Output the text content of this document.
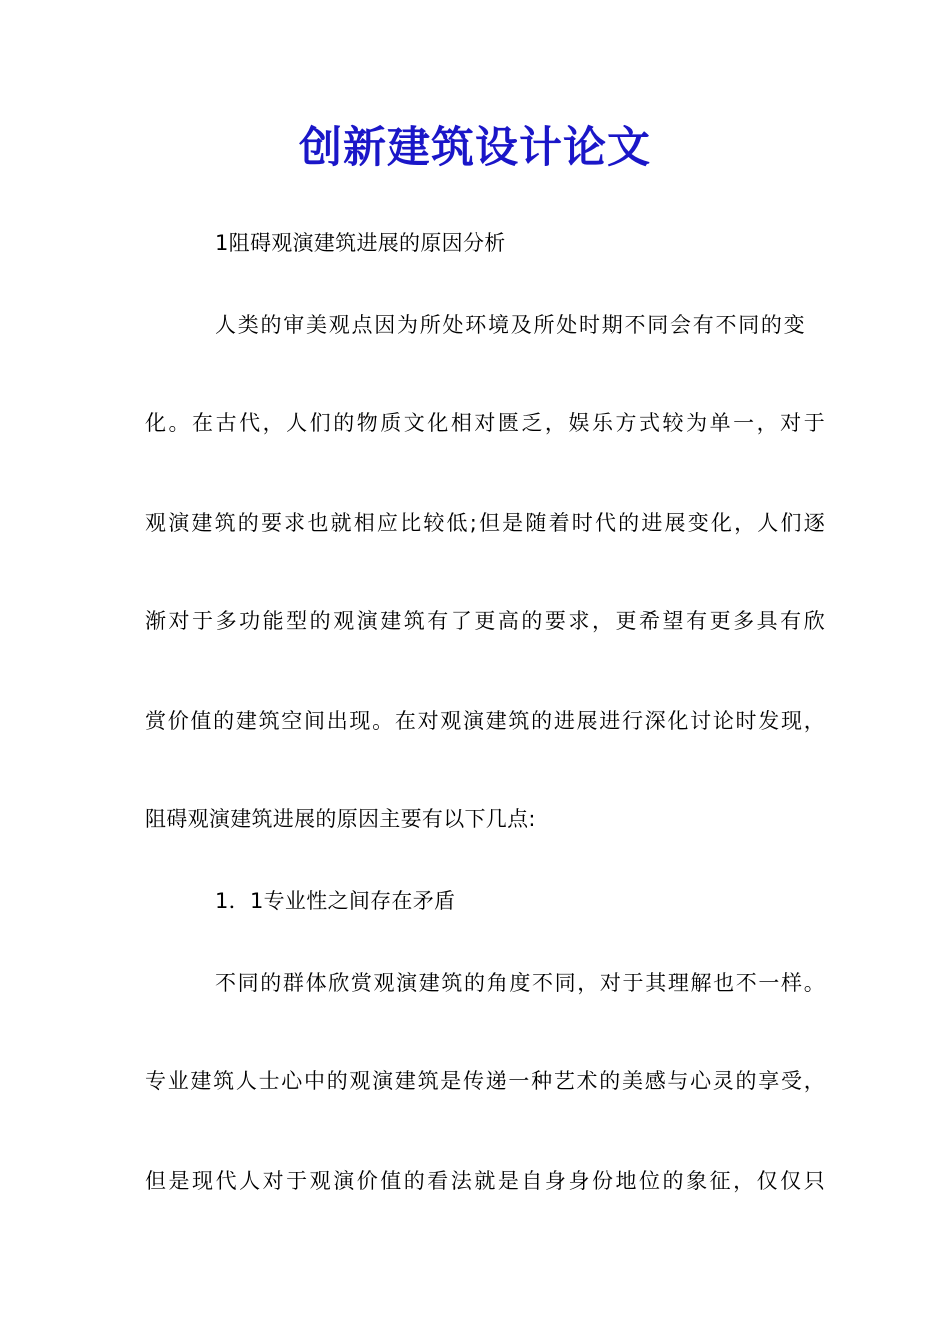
创新建筑设计论文
1阻碍观演建筑进展的原因分析
人类的审美观点因为所处环境及所处时期不同会有不同的变
化。在古代，人们的物质文化相对匮乏，娱乐方式较为单一，对于
观演建筑的要求也就相应比较低;但是随着时代的进展变化，人们逐
渐对于多功能型的观演建筑有了更高的要求，更希望有更多具有欣
赏价值的建筑空间出现。在对观演建筑的进展进行深化讨论时发现，
阻碍观演建筑进展的原因主要有以下几点:
1．1专业性之间存在矛盾
不同的群体欣赏观演建筑的角度不同，对于其理解也不一样。
专业建筑人士心中的观演建筑是传递一种艺术的美感与心灵的享受，
但是现代人对于观演价值的看法就是自身身份地位的象征，仅仅只
